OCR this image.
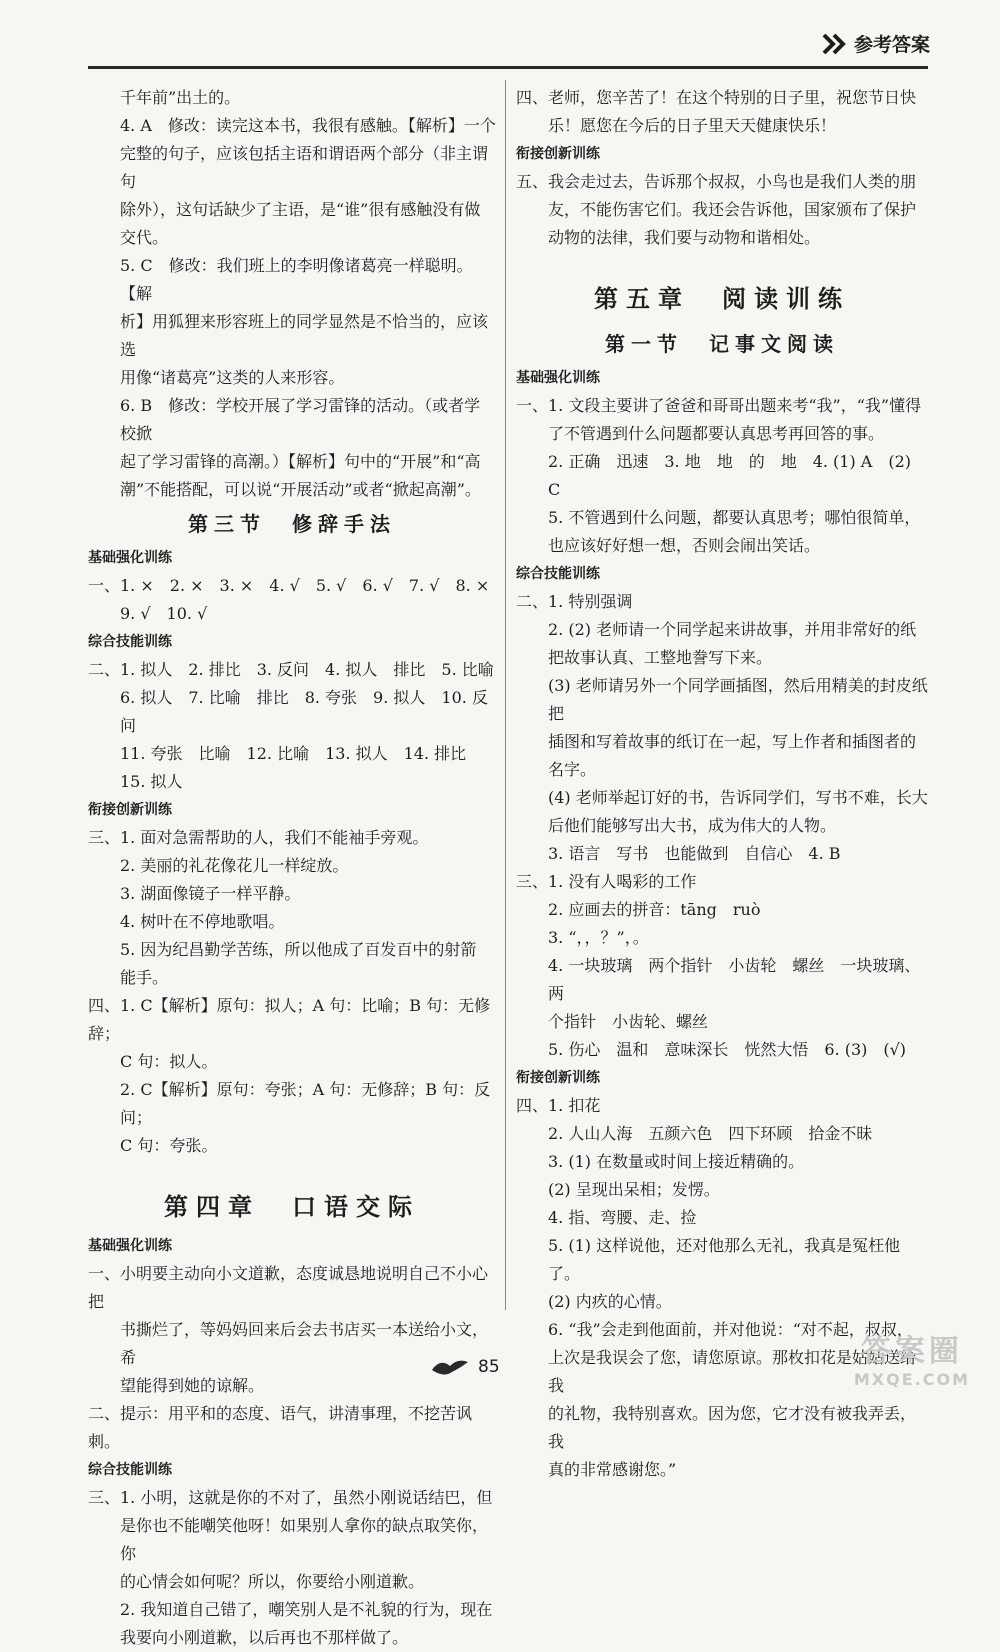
参考答案

千年前”出土的。

4. A　修改：读完这本书，我很有感触。【解析】一个

完整的句子，应该包括主语和谓语两个部分（非主谓句

除外），这句话缺少了主语，是“谁”很有感触没有做

交代。

5. C　修改：我们班上的李明像诸葛亮一样聪明。【解

析】用狐狸来形容班上的同学显然是不恰当的，应该选

用像“诸葛亮”这类的人来形容。

6. B　修改：学校开展了学习雷锋的活动。（或者学校掀

起了学习雷锋的高潮。）【解析】句中的“开展”和“高

潮”不能搭配，可以说“开展活动”或者“掀起高潮”。

第三节　修辞手法

基础强化训练

一、1. ×　2. ×　3. ×　4. √　5. √　6. √　7. √　8. ×

9. √　10. √

综合技能训练

二、1. 拟人　2. 排比　3. 反问　4. 拟人　排比　5. 比喻

6. 拟人　7. 比喻　排比　8. 夸张　9. 拟人　10. 反问

11. 夸张　比喻　12. 比喻　13. 拟人　14. 排比

15. 拟人

衔接创新训练

三、1. 面对急需帮助的人，我们不能袖手旁观。

2. 美丽的礼花像花儿一样绽放。

3. 湖面像镜子一样平静。

4. 树叶在不停地歌唱。

5. 因为纪昌勤学苦练，所以他成了百发百中的射箭

能手。

四、1. C【解析】原句：拟人；A 句：比喻；B 句：无修辞；

C 句：拟人。

2. C【解析】原句：夸张；A 句：无修辞；B 句：反问；

C 句：夸张。

第四章　口语交际

基础强化训练

一、小明要主动向小文道歉，态度诚恳地说明自己不小心把

书撕烂了，等妈妈回来后会去书店买一本送给小文，希

望能得到她的谅解。

二、提示：用平和的态度、语气，讲清事理，不挖苦讽刺。

综合技能训练

三、1. 小明，这就是你的不对了，虽然小刚说话结巴，但

是你也不能嘲笑他呀！如果别人拿你的缺点取笑你，你

的心情会如何呢？所以，你要给小刚道歉。

2. 我知道自己错了，嘲笑别人是不礼貌的行为，现在

我要向小刚道歉，以后再也不那样做了。

四、老师，您辛苦了！在这个特别的日子里，祝您节日快

乐！愿您在今后的日子里天天健康快乐！

衔接创新训练

五、我会走过去，告诉那个叔叔，小鸟也是我们人类的朋

友，不能伤害它们。我还会告诉他，国家颁布了保护

动物的法律，我们要与动物和谐相处。

第五章　阅读训练

第一节　记事文阅读

基础强化训练

一、1. 文段主要讲了爸爸和哥哥出题来考“我”，“我”懂得

了不管遇到什么问题都要认真思考再回答的事。

2. 正确　迅速　3. 地　地　的　地　4. (1) A　(2) C

5. 不管遇到什么问题，都要认真思考；哪怕很简单，

也应该好好想一想，否则会闹出笑话。

综合技能训练

二、1. 特别强调

2. (2) 老师请一个同学起来讲故事，并用非常好的纸

把故事认真、工整地誊写下来。

(3) 老师请另外一个同学画插图，然后用精美的封皮纸把

插图和写着故事的纸订在一起，写上作者和插图者的名字。

(4) 老师举起订好的书，告诉同学们，写书不难，长大

后他们能够写出大书，成为伟大的人物。

3. 语言　写书　也能做到　自信心　4. B

三、1. 没有人喝彩的工作

2. 应画去的拼音：tāng　ruò

3. “，，？”，。

4. 一块玻璃　两个指针　小齿轮　螺丝　一块玻璃、两

个指针　小齿轮、螺丝

5. 伤心　温和　意味深长　恍然大悟　6. (3)　(√)

衔接创新训练

四、1. 扣花

2. 人山人海　五颜六色　四下环顾　拾金不昧

3. (1) 在数量或时间上接近精确的。

(2) 呈现出呆相；发愣。

4. 指、弯腰、走、捡

5. (1) 这样说他，还对他那么无礼，我真是冤枉他了。

(2) 内疚的心情。

6. “我”会走到他面前，并对他说：“对不起，叔叔，

上次是我误会了您，请您原谅。那枚扣花是姑姑送给我

的礼物，我特别喜欢。因为您，它才没有被我弄丢，我

真的非常感谢您。”

85	答案圈
MXQE.COM
